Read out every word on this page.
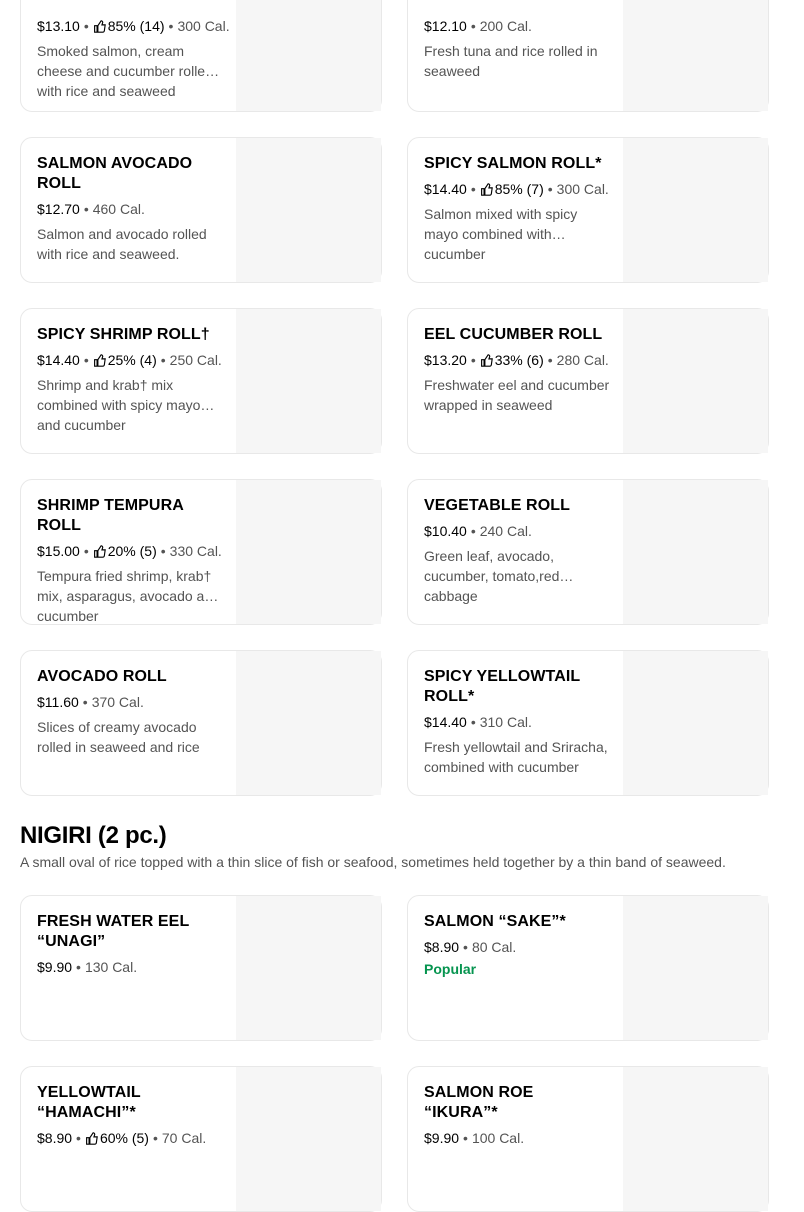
$13.10 • 85% (14) • 300 Cal.
Smoked salmon, cream cheese and cucumber rolled with rice and seaweed
$12.10 • 200 Cal.
Fresh tuna and rice rolled in seaweed
SALMON AVOCADO ROLL
$12.70 • 460 Cal.
Salmon and avocado rolled with rice and seaweed.
SPICY SALMON ROLL*
$14.40 • 85% (7) • 300 Cal.
Salmon mixed with spicy mayo combined with cucumber
SPICY SHRIMP ROLL†
$14.40 • 25% (4) • 250 Cal.
Shrimp and krab† mix combined with spicy mayo and cucumber
EEL CUCUMBER ROLL
$13.20 • 33% (6) • 280 Cal.
Freshwater eel and cucumber wrapped in seaweed
SHRIMP TEMPURA ROLL
$15.00 • 20% (5) • 330 Cal.
Tempura fried shrimp, krab† mix, asparagus, avocado and cucumber
VEGETABLE ROLL
$10.40 • 240 Cal.
Green leaf, avocado, cucumber, tomato,red cabbage
AVOCADO ROLL
$11.60 • 370 Cal.
Slices of creamy avocado rolled in seaweed and rice
SPICY YELLOWTAIL ROLL*
$14.40 • 310 Cal.
Fresh yellowtail and Sriracha, combined with cucumber
NIGIRI (2 pc.)

A small oval of rice topped with a thin slice of fish or seafood, sometimes held together by a thin band of seaweed.

FRESH WATER EEL “UNAGI”
$9.90 • 130 Cal.
SALMON “SAKE”*
$8.90 • 80 Cal.
Popular
YELLOWTAIL “HAMACHI”*
$8.90 • 60% (5) • 70 Cal.
SALMON ROE “IKURA”*
$9.90 • 100 Cal.
